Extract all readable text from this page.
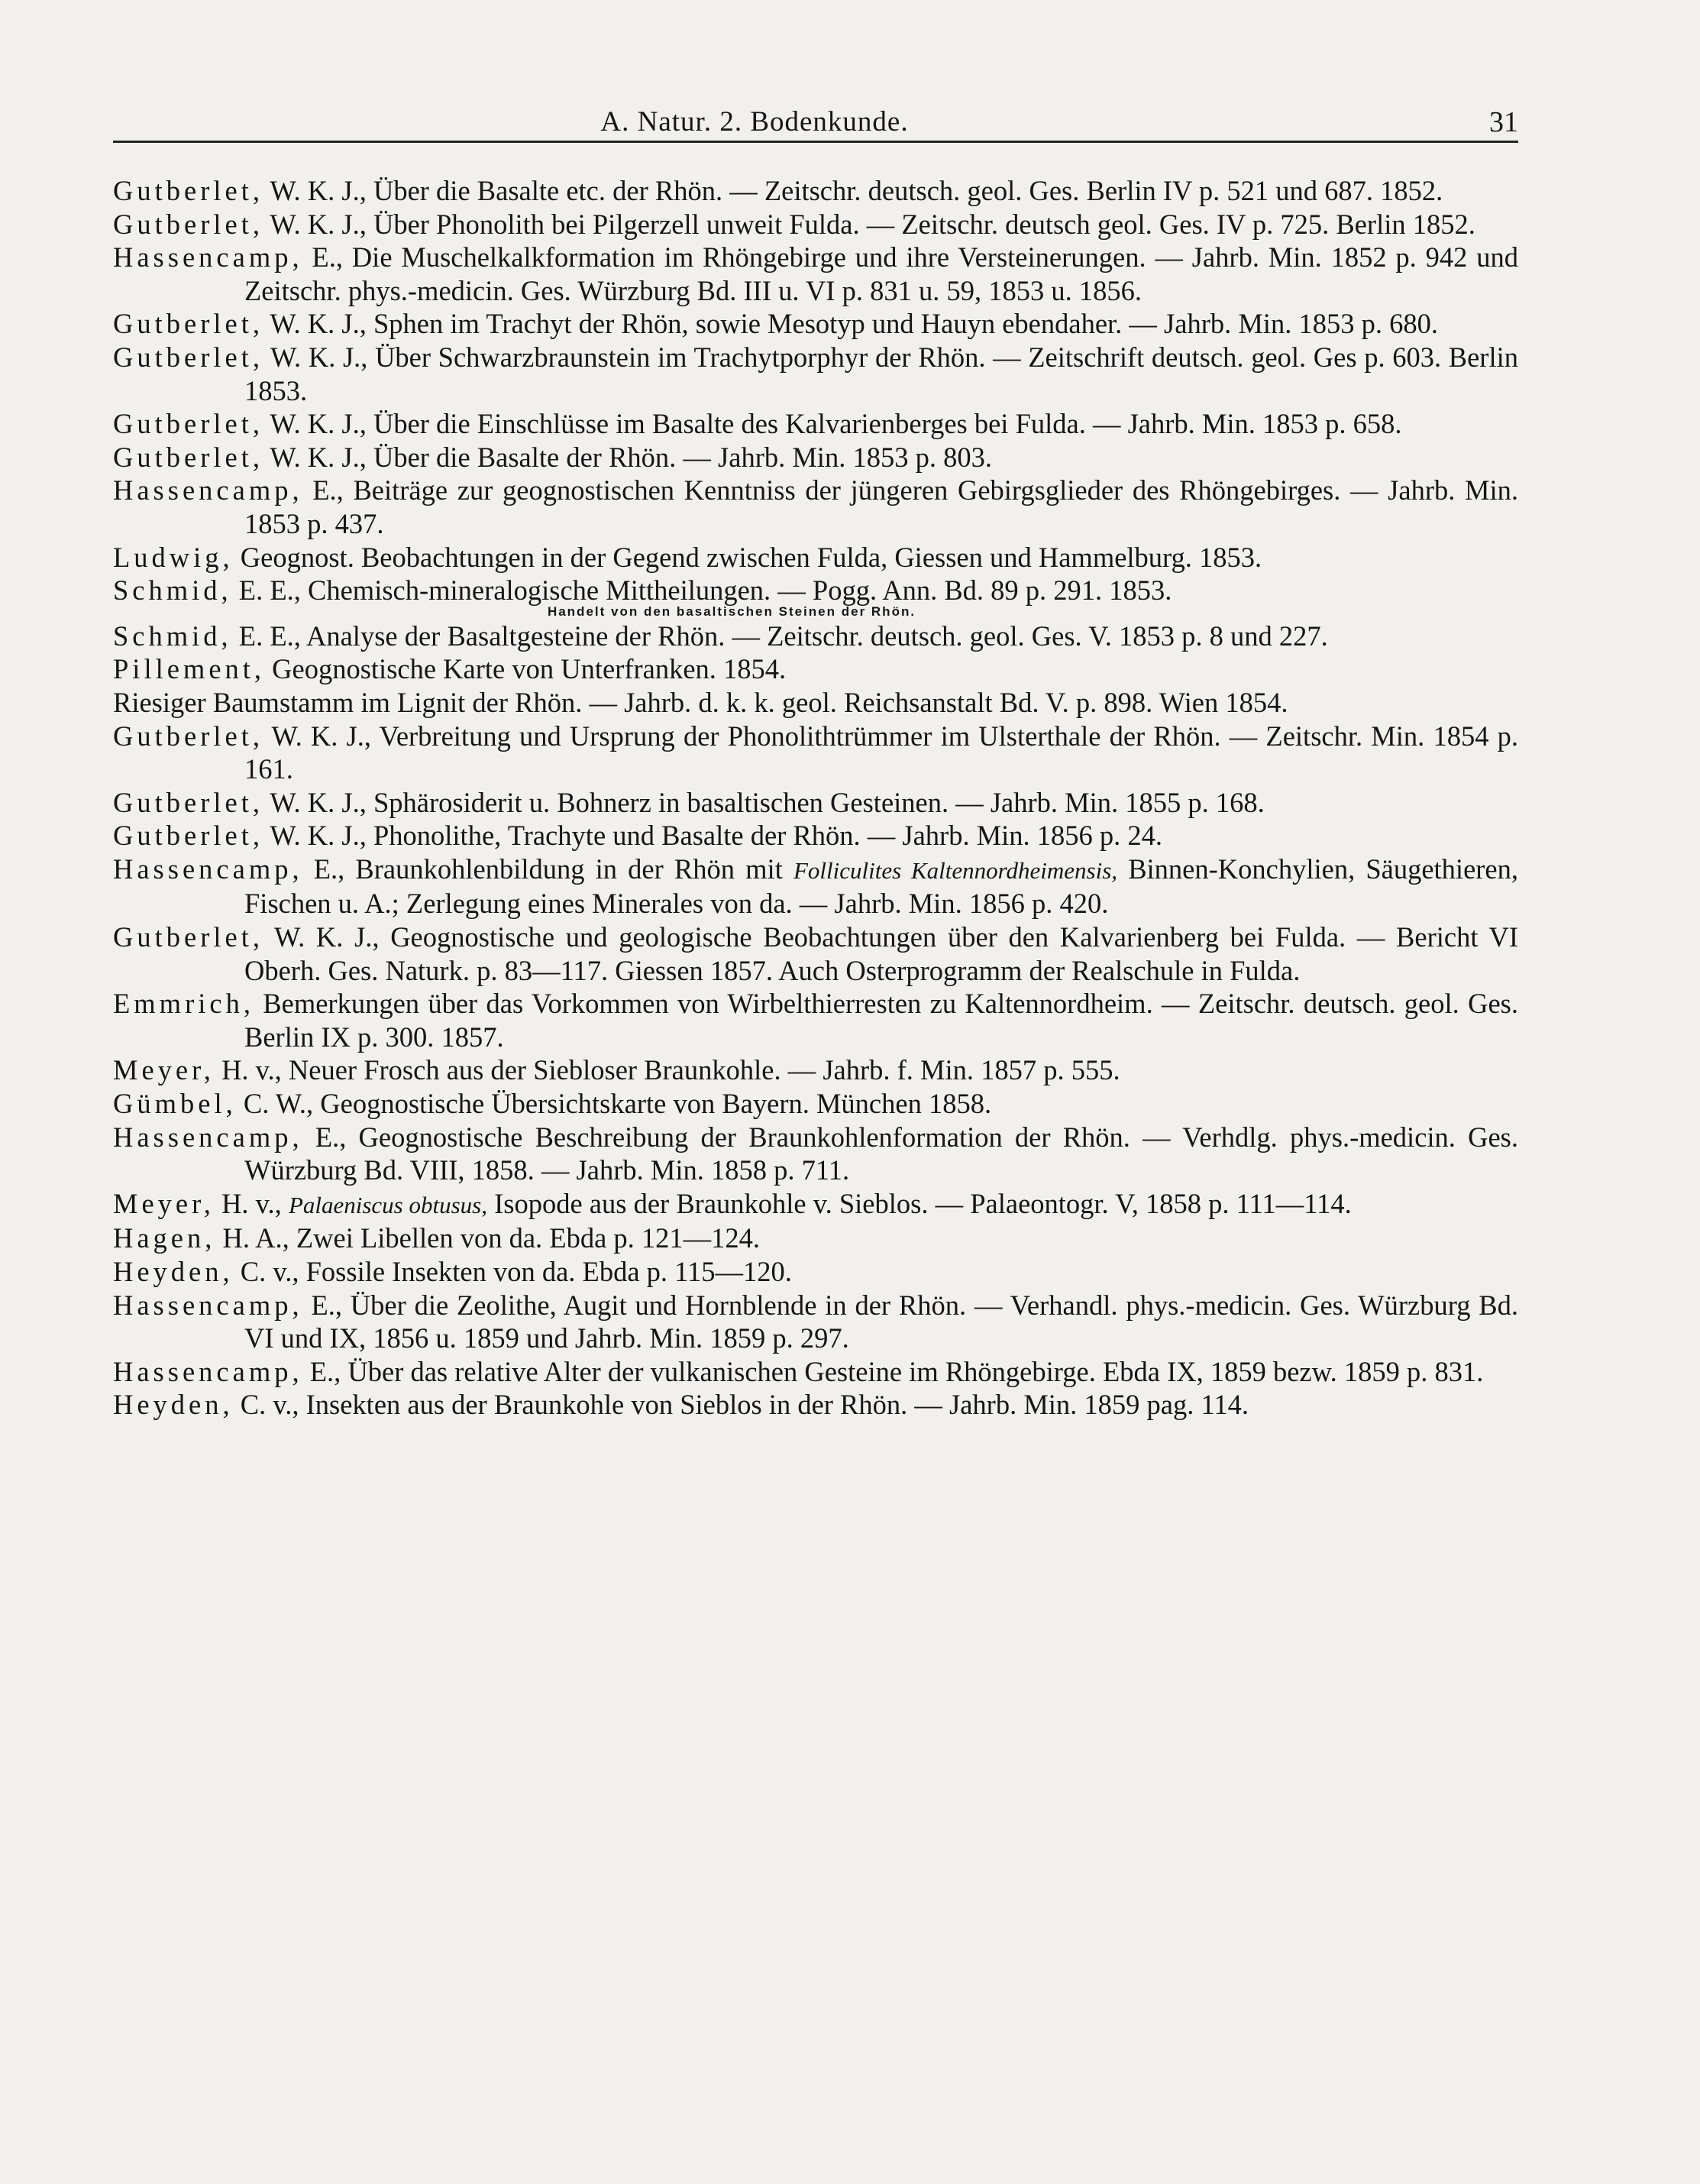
A. Natur. 2. Bodenkunde.	31
Gutberlet, W. K. J., Über die Basalte etc. der Rhön. — Zeitschr. deutsch. geol. Ges. Berlin IV p. 521 und 687. 1852.
Gutberlet, W. K. J., Über Phonolith bei Pilgerzell unweit Fulda. — Zeitschr. deutsch geol. Ges. IV p. 725. Berlin 1852.
Hassencamp, E., Die Muschelkalkformation im Rhöngebirge und ihre Versteinerungen. — Jahrb. Min. 1852 p. 942 und Zeitschr. phys.-medicin. Ges. Würzburg Bd. III u. VI p. 831 u. 59, 1853 u. 1856.
Gutberlet, W. K. J., Sphen im Trachyt der Rhön, sowie Mesotyp und Hauyn ebendaher. — Jahrb. Min. 1853 p. 680.
Gutberlet, W. K. J., Über Schwarzbraunstein im Trachytporphyr der Rhön. — Zeitschrift deutsch. geol. Ges p. 603. Berlin 1853.
Gutberlet, W. K. J., Über die Einschlüsse im Basalte des Kalvarienberges bei Fulda. — Jahrb. Min. 1853 p. 658.
Gutberlet, W. K. J., Über die Basalte der Rhön. — Jahrb. Min. 1853 p. 803.
Hassencamp, E., Beiträge zur geognostischen Kenntniss der jüngeren Gebirgsglieder des Rhöngebirges. — Jahrb. Min. 1853 p. 437.
Ludwig, Geognost. Beobachtungen in der Gegend zwischen Fulda, Giessen und Hammelburg. 1853.
Schmid, E. E., Chemisch-mineralogische Mittheilungen. — Pogg. Ann. Bd. 89 p. 291. 1853.
Handelt von den basaltischen Steinen der Rhön.
Schmid, E. E., Analyse der Basaltgesteine der Rhön. — Zeitschr. deutsch. geol. Ges. V. 1853 p. 8 und 227.
Pillement, Geognostische Karte von Unterfranken. 1854.
Riesiger Baumstamm im Lignit der Rhön. — Jahrb. d. k. k. geol. Reichsanstalt Bd. V. p. 898. Wien 1854.
Gutberlet, W. K. J., Verbreitung und Ursprung der Phonolithtrümmer im Ulsterthale der Rhön. — Zeitschr. Min. 1854 p. 161.
Gutberlet, W. K. J., Sphärosiderit u. Bohnerz in basaltischen Gesteinen. — Jahrb. Min. 1855 p. 168.
Gutberlet, W. K. J., Phonolithe, Trachyte und Basalte der Rhön. — Jahrb. Min. 1856 p. 24.
Hassencamp, E., Braunkohlenbildung in der Rhön mit Folliculites Kaltennordheimensis, Binnen-Konchylien, Säugethieren, Fischen u. A.; Zerlegung eines Minerales von da. — Jahrb. Min. 1856 p. 420.
Gutberlet, W. K. J., Geognostische und geologische Beobachtungen über den Kalvarienberg bei Fulda. — Bericht VI Oberh. Ges. Naturk. p. 83—117. Giessen 1857. Auch Osterprogramm der Realschule in Fulda.
Emmrich, Bemerkungen über das Vorkommen von Wirbelthierresten zu Kaltennordheim. — Zeitschr. deutsch. geol. Ges. Berlin IX p. 300. 1857.
Meyer, H. v., Neuer Frosch aus der Siebloser Braunkohle. — Jahrb. f. Min. 1857 p. 555.
Gümbel, C. W., Geognostische Übersichtskarte von Bayern. München 1858.
Hassencamp, E., Geognostische Beschreibung der Braunkohlenformation der Rhön. — Verhdlg. phys.-medicin. Ges. Würzburg Bd. VIII, 1858. — Jahrb. Min. 1858 p. 711.
Meyer, H. v., Palaeniscus obtusus, Isopode aus der Braunkohle v. Sieblos. — Palaeontogr. V, 1858 p. 111—114.
Hagen, H. A., Zwei Libellen von da. Ebda p. 121—124.
Heyden, C. v., Fossile Insekten von da. Ebda p. 115—120.
Hassencamp, E., Über die Zeolithe, Augit und Hornblende in der Rhön. — Verhandl. phys.-medicin. Ges. Würzburg Bd. VI und IX, 1856 u. 1859 und Jahrb. Min. 1859 p. 297.
Hassencamp, E., Über das relative Alter der vulkanischen Gesteine im Rhöngebirge. Ebda IX, 1859 bezw. 1859 p. 831.
Heyden, C. v., Insekten aus der Braunkohle von Sieblos in der Rhön. — Jahrb. Min. 1859 pag. 114.
